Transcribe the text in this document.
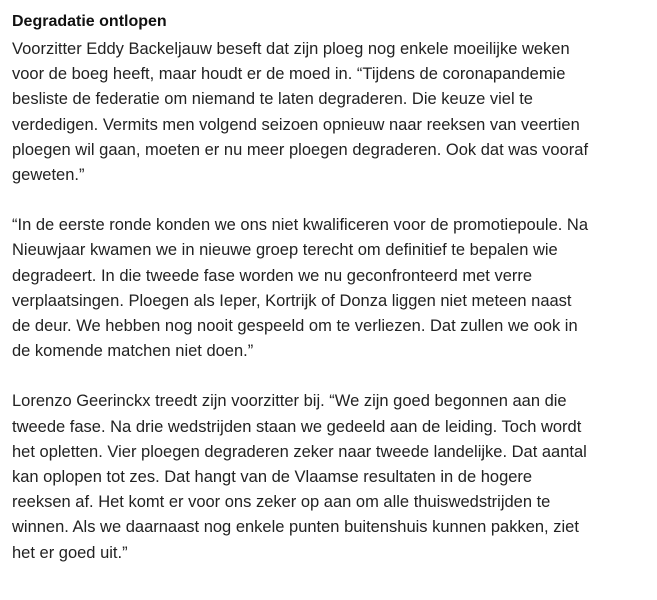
Degradatie ontlopen

Voorzitter Eddy Backeljauw beseft dat zijn ploeg nog enkele moeilijke weken
voor de boeg heeft, maar houdt er de moed in. “Tijdens de coronapandemie
besliste de federatie om niemand te laten degraderen. Die keuze viel te
verdedigen. Vermits men volgend seizoen opnieuw naar reeksen van veertien
ploegen wil gaan, moeten er nu meer ploegen degraderen. Ook dat was vooraf
geweten.”

“In de eerste ronde konden we ons niet kwalificeren voor de promotiepoule. Na
Nieuwjaar kwamen we in nieuwe groep terecht om definitief te bepalen wie
degradeert. In die tweede fase worden we nu geconfronteerd met verre
verplaatsingen. Ploegen als Ieper, Kortrijk of Donza liggen niet meteen naast
de deur. We hebben nog nooit gespeeld om te verliezen. Dat zullen we ook in
de komende matchen niet doen.”

Lorenzo Geerinckx treedt zijn voorzitter bij. “We zijn goed begonnen aan die
tweede fase. Na drie wedstrijden staan we gedeeld aan de leiding. Toch wordt
het opletten. Vier ploegen degraderen zeker naar tweede landelijke. Dat aantal
kan oplopen tot zes. Dat hangt van de Vlaamse resultaten in de hogere
reeksen af. Het komt er voor ons zeker op aan om alle thuiswedstrijden te
winnen. Als we daarnaast nog enkele punten buitenshuis kunnen pakken, ziet
het er goed uit.”
